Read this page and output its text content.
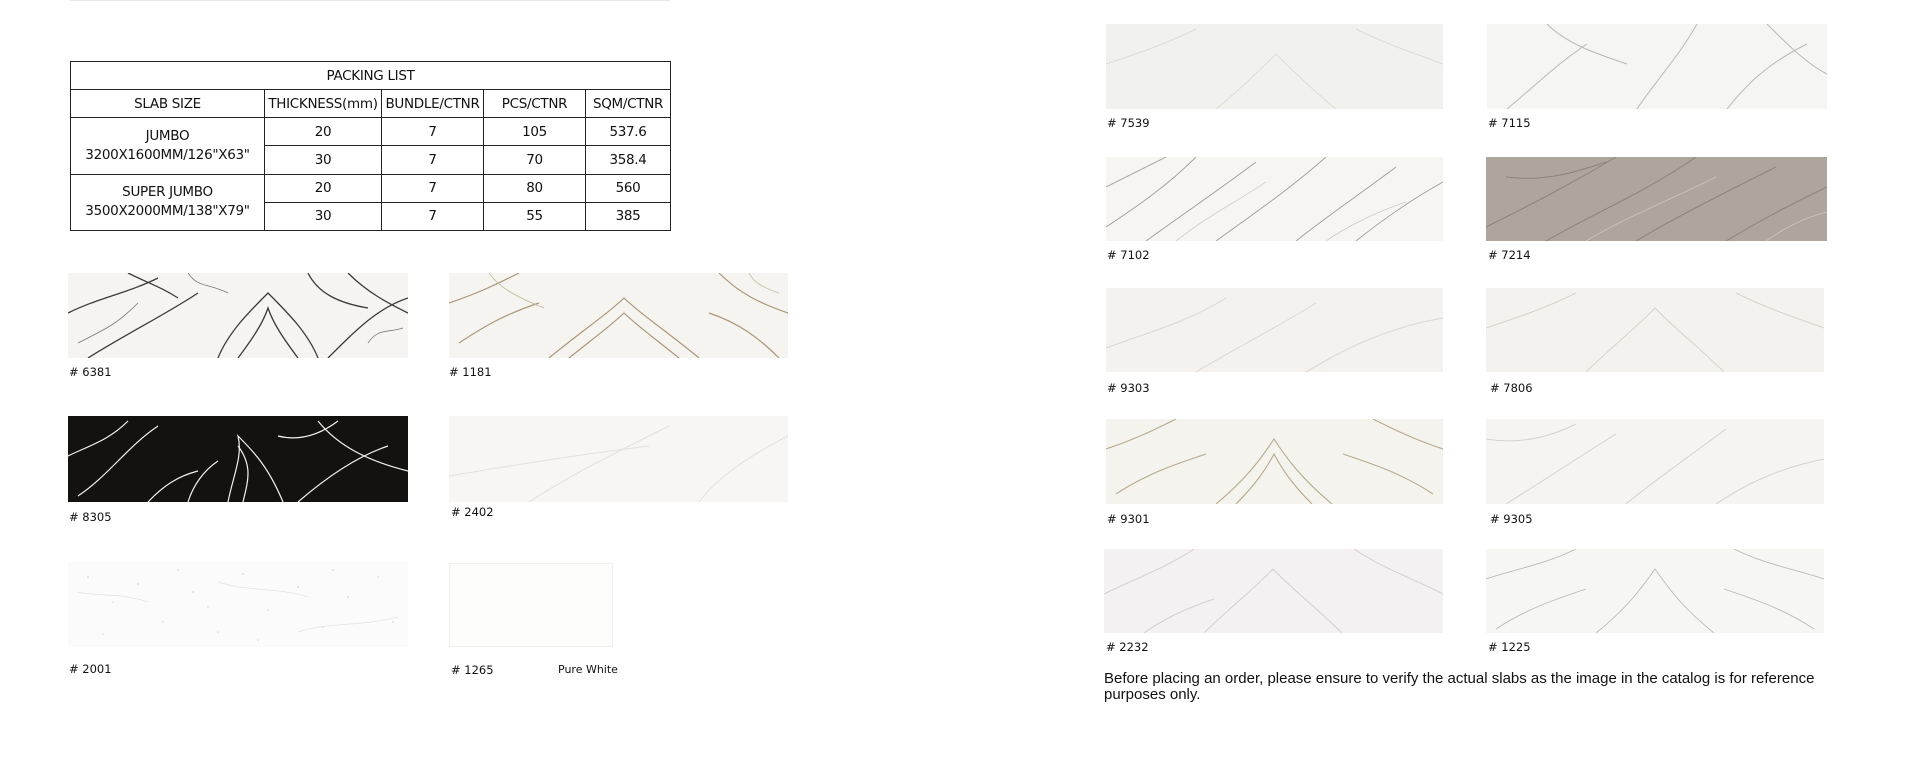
PACKING LIST				
SLAB SIZE	THICKNESS(mm)	BUNDLE/CTNR	PCS/CTNR	SQM/CTNR
JUMBO
3200X1600MM/126"X63"	20	7	105	537.6
	30	7	70	358.4
SUPER JUMBO
3500X2000MM/138"X79"	20	7	80	560
	30	7	55	385
# 6381	# 1181
# 8305	# 2402
# 2001	# 1265	Pure White
# 7539	# 7115
# 7102	# 7214
# 9303	# 7806
# 9301	# 9305
# 2232	# 1225
Before placing an order, please ensure to verify the actual slabs as the image in the catalog is for reference purposes only.
